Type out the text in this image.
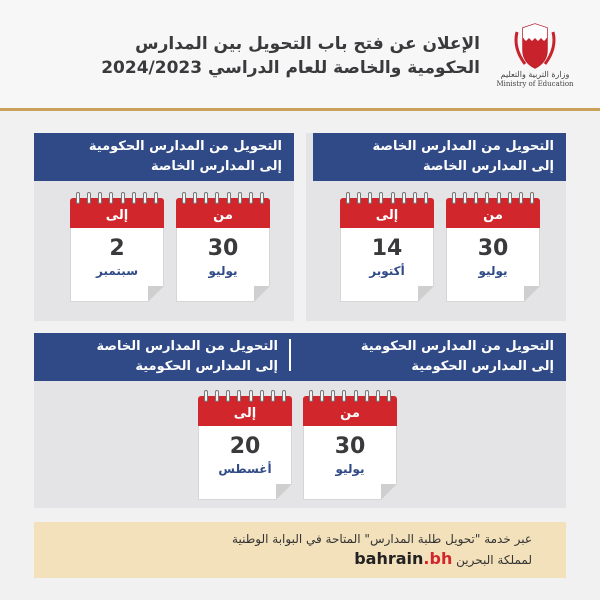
الإعلان عن فتح باب التحويل بين المدارس
الحكومية والخاصة للعام الدراسي 2024/2023	وزارة التربية والتعليم
Ministry of Education
التحويل من المدارس الخاصة
إلى المدارس الخاصة
من
30
يوليو
إلى
14
أكتوبر
التحويل من المدارس الحكومية
إلى المدارس الخاصة
من
30
يوليو
إلى
2
سبتمبر
التحويل من المدارس الحكومية
إلى المدارس الحكومية
التحويل من المدارس الخاصة
إلى المدارس الحكومية
من
30
يوليو
إلى
20
أغسطس
عبر خدمة "تحويل طلبة المدارس" المتاحة في البوابة الوطنية
لمملكة البحرين bahrain.bh
